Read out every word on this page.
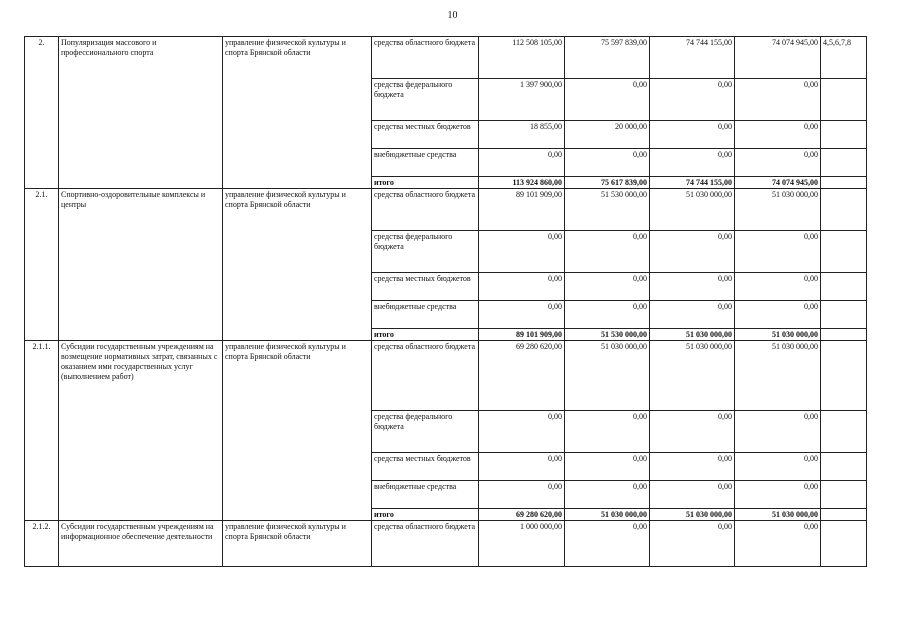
10
2.	Популяризация массового и профессионального спорта	управление физической культуры и спорта Брянской области	средства областного бюджета	112 508 105,00	75 597 839,00	74 744 155,00	74 074 945,00	4,5,6,7,8
			средства федерального бюджета	1 397 900,00	0,00	0,00	0,00	
			средства местных бюджетов	18 855,00	20 000,00	0,00	0,00	
			внебюджетные средства	0,00	0,00	0,00	0,00	
			итого	113 924 860,00	75 617 839,00	74 744 155,00	74 074 945,00	
2.1.	Спортивно-оздоровительные комплексы и центры	управление физической культуры и спорта Брянской области	средства областного бюджета	89 101 909,00	51 530 000,00	51 030 000,00	51 030 000,00	
			средства федерального бюджета	0,00	0,00	0,00	0,00	
			средства местных бюджетов	0,00	0,00	0,00	0,00	
			внебюджетные средства	0,00	0,00	0,00	0,00	
			итого	89 101 909,00	51 530 000,00	51 030 000,00	51 030 000,00	
2.1.1.	Субсидии государственным учреждениям на возмещение нормативных затрат, связанных с оказанием ими государственных услуг (выполнением работ)	управление физической культуры и спорта Брянской области	средства областного бюджета	69 280 620,00	51 030 000,00	51 030 000,00	51 030 000,00	
			средства федерального бюджета	0,00	0,00	0,00	0,00	
			средства местных бюджетов	0,00	0,00	0,00	0,00	
			внебюджетные средства	0,00	0,00	0,00	0,00	
			итого	69 280 620,00	51 030 000,00	51 030 000,00	51 030 000,00	
2.1.2.	Субсидии государственным учреждениям на информационное обеспечение деятельности	управление физической культуры и спорта Брянской области	средства областного бюджета	1 000 000,00	0,00	0,00	0,00	
